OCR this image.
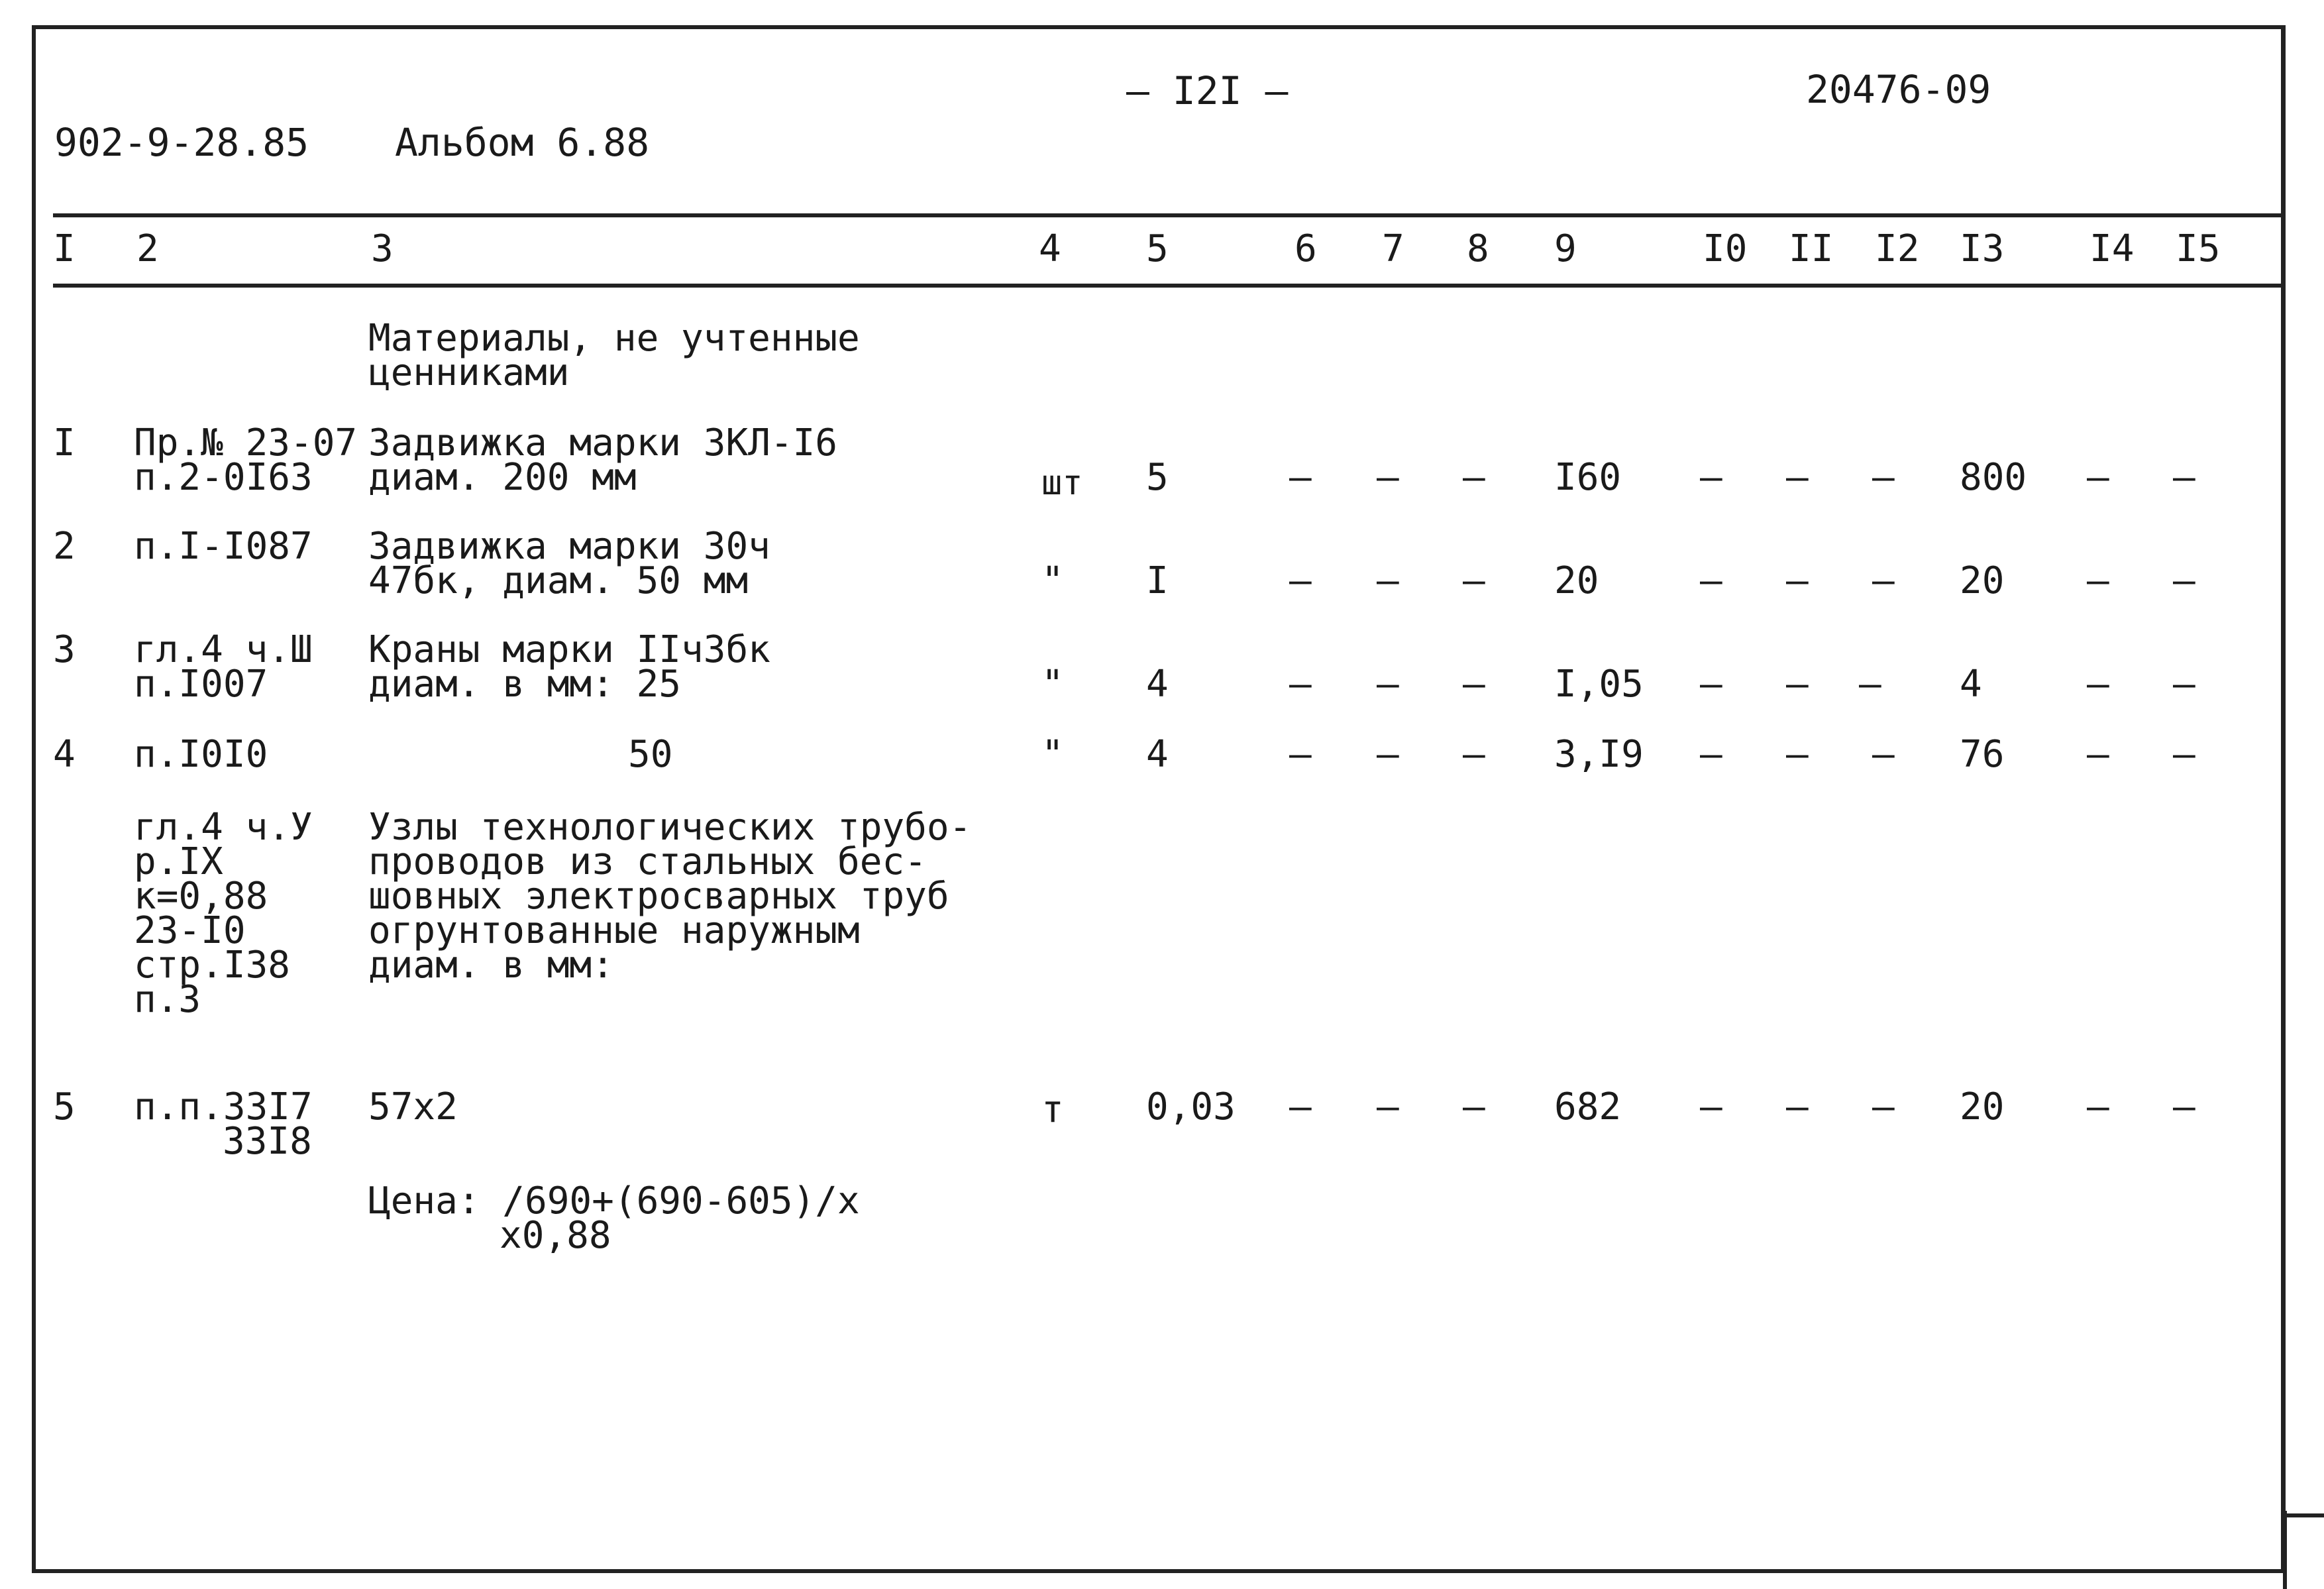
902-9-28.85 Альбом 6.88
– I2I –	20476-09
I 2	3	4 5	6 7 8 9	I0 II I2 I3 I4 I5
Материалы, не учтенные
ценниками
I Пр.№ 23-07
п.2-0I63
Задвижка марки ЗКЛ-I6
диам. 200 мм	шт 5	– – – I60 – – – 800 – –
2 п.I-I087 Задвижка марки 30ч
47бк, диам. 50 мм	" I	– – – 20	– – – 20 – –
3 гл.4 ч.Ш
п.I007
Краны марки IIч3бк
диам. в мм: 25	" 4	– – – I,05 – – – 4	– –
4 п.I0I0	50	" 4	– – – 3,I9 – – – 76 – –
гл.4 ч.У
р.IX
к=0,88
23-I0
стр.I38
п.3
Узлы технологических трубо-
проводов из стальных бес-
шовных электросварных труб
огрунтованные наружным
диам. в мм:
5 п.п.33I7
33I8
57х2	т 0,03 – – – 682 – – – 20 – –
Цена: /690+(690-605)/х
х0,88
